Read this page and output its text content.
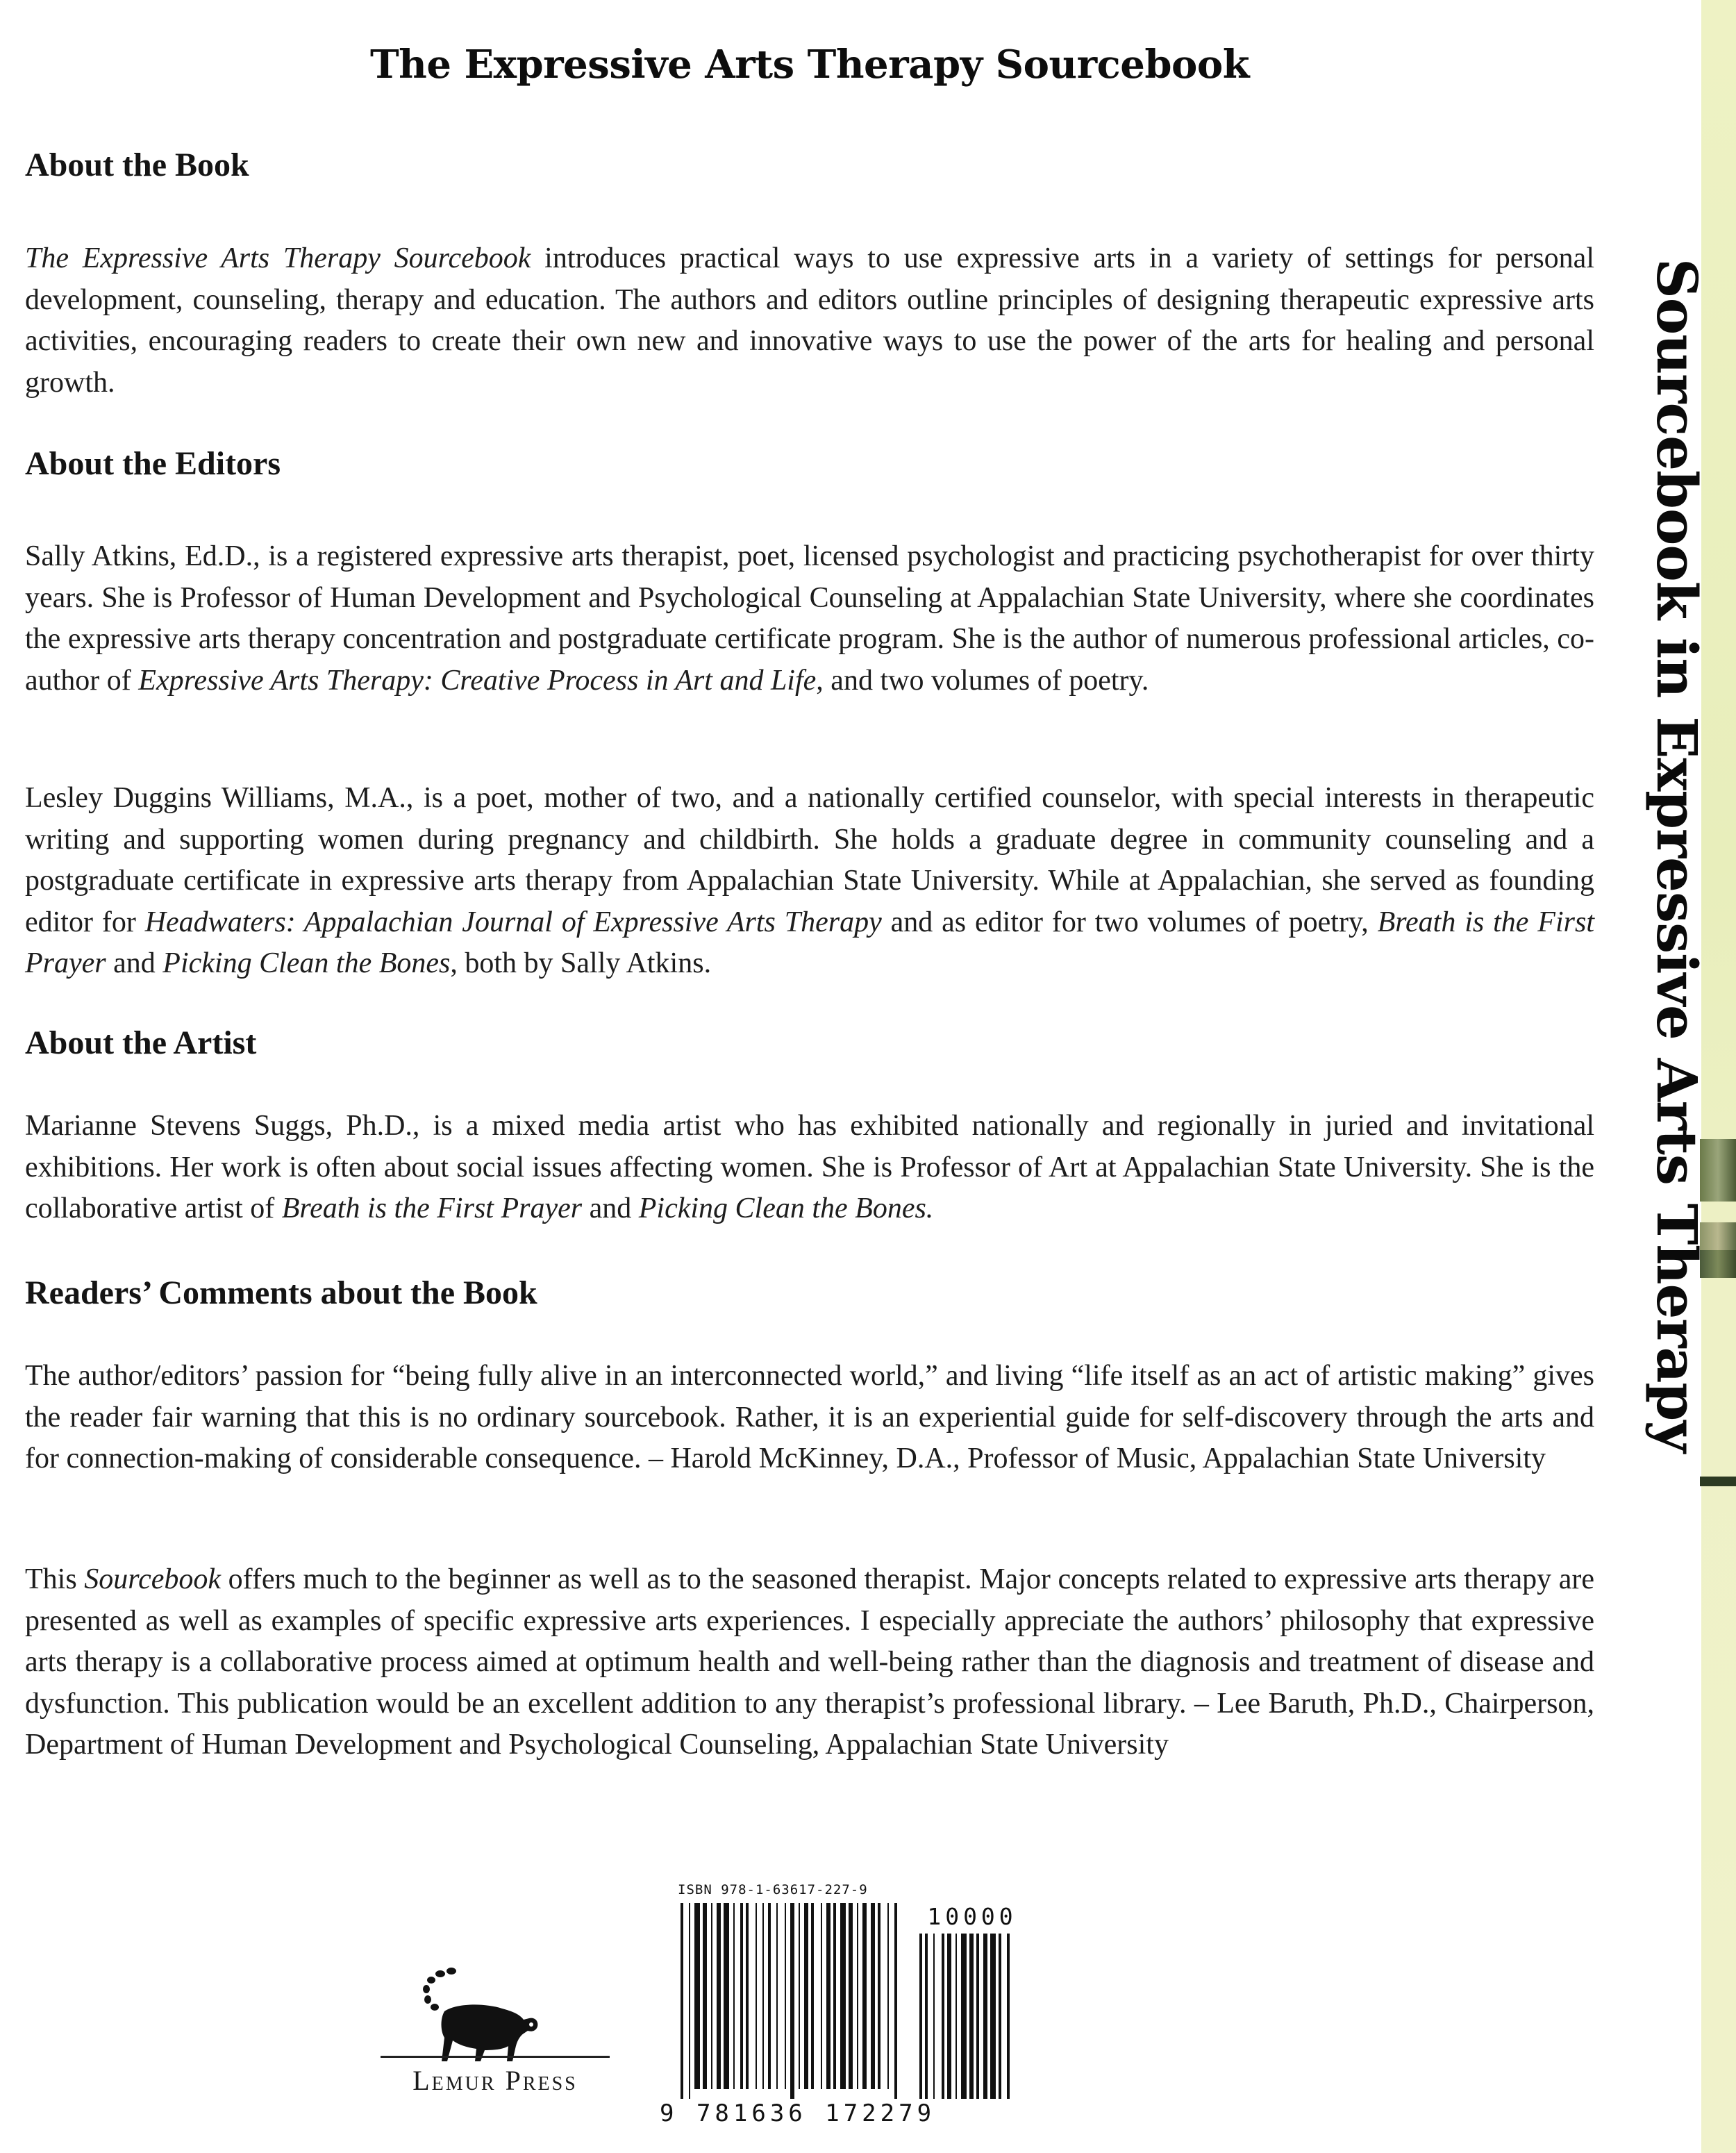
The Expressive Arts Therapy Sourcebook
About the Book

The Expressive Arts Therapy Sourcebook introduces practical ways to use expressive arts in a variety of settings for personal development, counseling, therapy and education. The authors and editors outline principles of designing therapeutic expressive arts activities, encouraging readers to create their own new and innovative ways to use the power of the arts for healing and personal growth.

About the Editors

Sally Atkins, Ed.D., is a registered expressive arts therapist, poet, licensed psychologist and practicing psychotherapist for over thirty years. She is Professor of Human Development and Psychological Counseling at Appalachian State University, where she coordinates the expressive arts therapy concentration and postgraduate certificate program. She is the author of numerous professional articles, co-author of Expressive Arts Therapy: Creative Process in Art and Life, and two volumes of poetry.

Lesley Duggins Williams, M.A., is a poet, mother of two, and a nationally certified counselor, with special interests in therapeutic writing and supporting women during pregnancy and childbirth. She holds a graduate degree in community counseling and a postgraduate certificate in expressive arts therapy from Appalachian State University. While at Appalachian, she served as founding editor for Headwaters: Appalachian Journal of Expressive Arts Therapy and as editor for two volumes of poetry, Breath is the First Prayer and Picking Clean the Bones, both by Sally Atkins.

About the Artist

Marianne Stevens Suggs, Ph.D., is a mixed media artist who has exhibited nationally and regionally in juried and invitational exhibitions. Her work is often about social issues affecting women. She is Professor of Art at Appalachian State University. She is the collaborative artist of Breath is the First Prayer and Picking Clean the Bones.

Readers’ Comments about the Book

The author/editors’ passion for “being fully alive in an interconnected world,” and living “life itself as an act of artistic making” gives the reader fair warning that this is no ordinary sourcebook. Rather, it is an experiential guide for self-discovery through the arts and for connection-making of considerable consequence. – Harold McKinney, D.A., Professor of Music, Appalachian State University

This Sourcebook offers much to the beginner as well as to the seasoned therapist. Major concepts related to expressive arts therapy are presented as well as examples of specific expressive arts experiences. I especially appreciate the authors’ philosophy that expressive arts therapy is a collaborative process aimed at optimum health and well-being rather than the diagnosis and treatment of disease and dysfunction. This publication would be an excellent addition to any therapist’s professional library. – Lee Baruth, Ph.D., Chairperson, Department of Human Development and Psychological Counseling, Appalachian State University

Lemur Press
ISBN 978-1-63617-227-9
10000
9 781636 172279
Sourcebook in Expressive Arts Therapy
